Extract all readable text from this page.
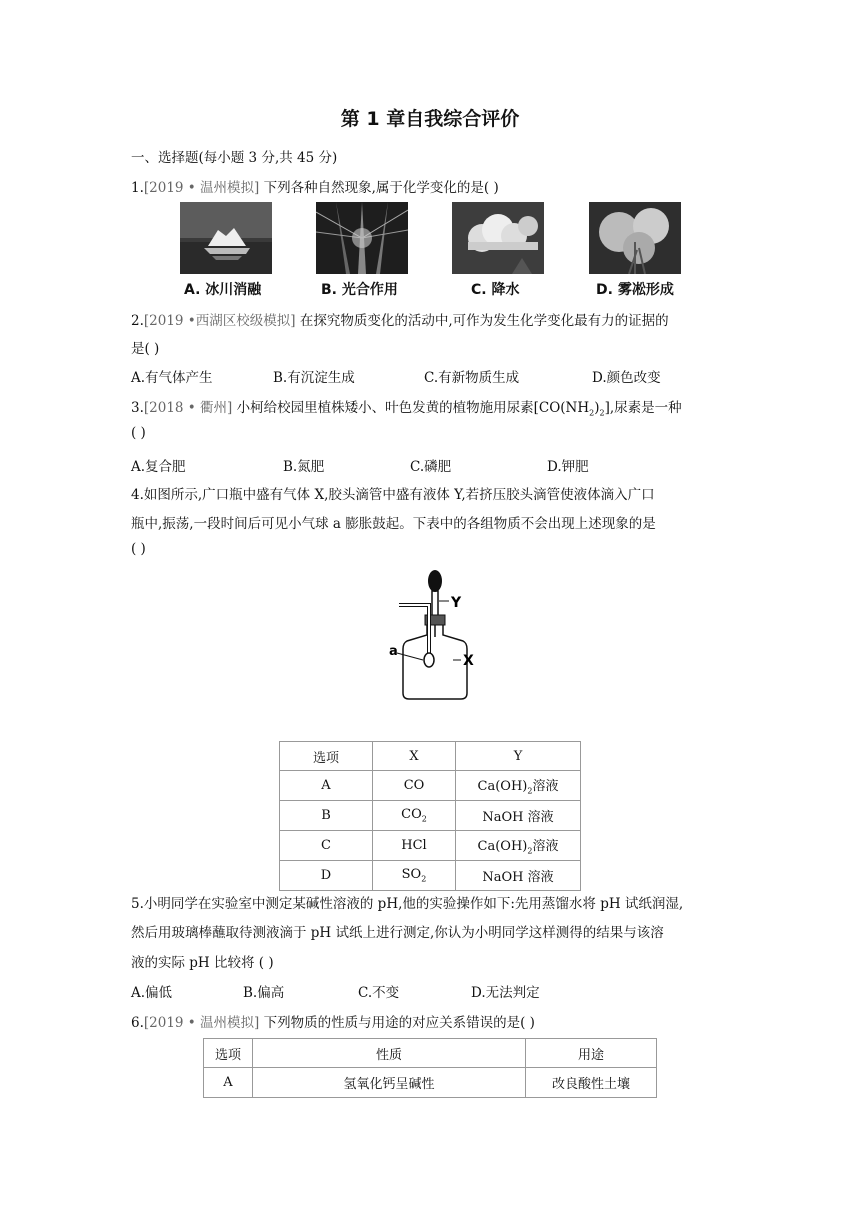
第 1 章自我综合评价
一、选择题(每小题 3 分,共 45 分)
1.[2019 • 温州模拟] 下列各种自然现象,属于化学变化的是( )
A. 冰川消融	B. 光合作用	C. 降水	D. 雾凇形成
2.[2019 •西湖区校级模拟] 在探究物质变化的活动中,可作为发生化学变化最有力的证据的
是( )
A.有气体产生	B.有沉淀生成	C.有新物质生成	D.颜色改变
3.[2018 • 衢州] 小柯给校园里植株矮小、叶色发黄的植物施用尿素$[CO(NH_2)_2]$,尿素是一种
( )
A.复合肥	B.氮肥	C.磷肥	D.钾肥
4.如图所示,广口瓶中盛有气体 X,胶头滴管中盛有液体 Y,若挤压胶头滴管使液体滴入广口
瓶中,振荡,一段时间后可见小气球 a 膨胀鼓起。下表中的各组物质不会出现上述现象的是
( )
Y
a
X
选项	X	Y
A	CO	$Ca(OH)_2$溶液
B	$CO_2$	NaOH 溶液
C	HCl	$Ca(OH)_2$溶液
D	$SO_2$	NaOH 溶液
5.小明同学在实验室中测定某碱性溶液的 pH,他的实验操作如下:先用蒸馏水将 pH 试纸润湿,
然后用玻璃棒蘸取待测液滴于 pH 试纸上进行测定,你认为小明同学这样测得的结果与该溶
液的实际 pH 比较将 ( )
A.偏低	B.偏高	C.不变	D.无法判定
6.[2019 • 温州模拟] 下列物质的性质与用途的对应关系错误的是( )
选项	性质	用途
A	氢氧化钙呈碱性	改良酸性土壤
